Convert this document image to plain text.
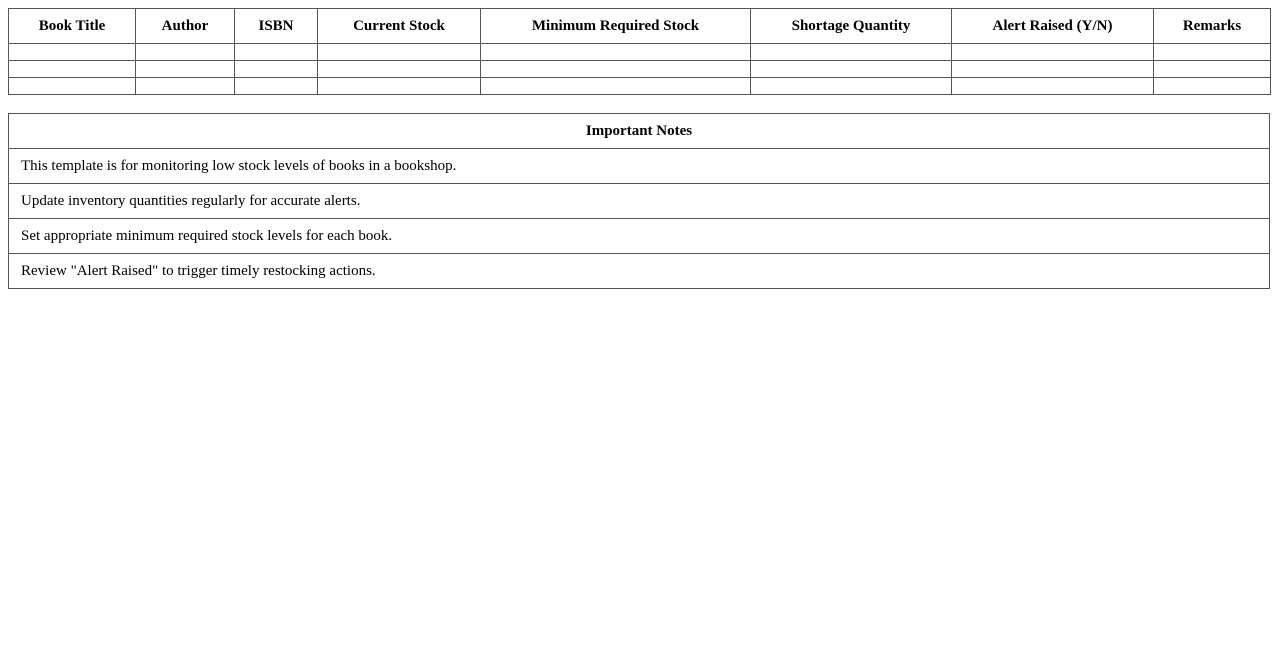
Book Title	Author	ISBN	Current Stock	Minimum Required Stock	Shortage Quantity	Alert Raised (Y/N)	Remarks

Important Notes
This template is for monitoring low stock levels of books in a bookshop.
Update inventory quantities regularly for accurate alerts.
Set appropriate minimum required stock levels for each book.
Review "Alert Raised" to trigger timely restocking actions.
